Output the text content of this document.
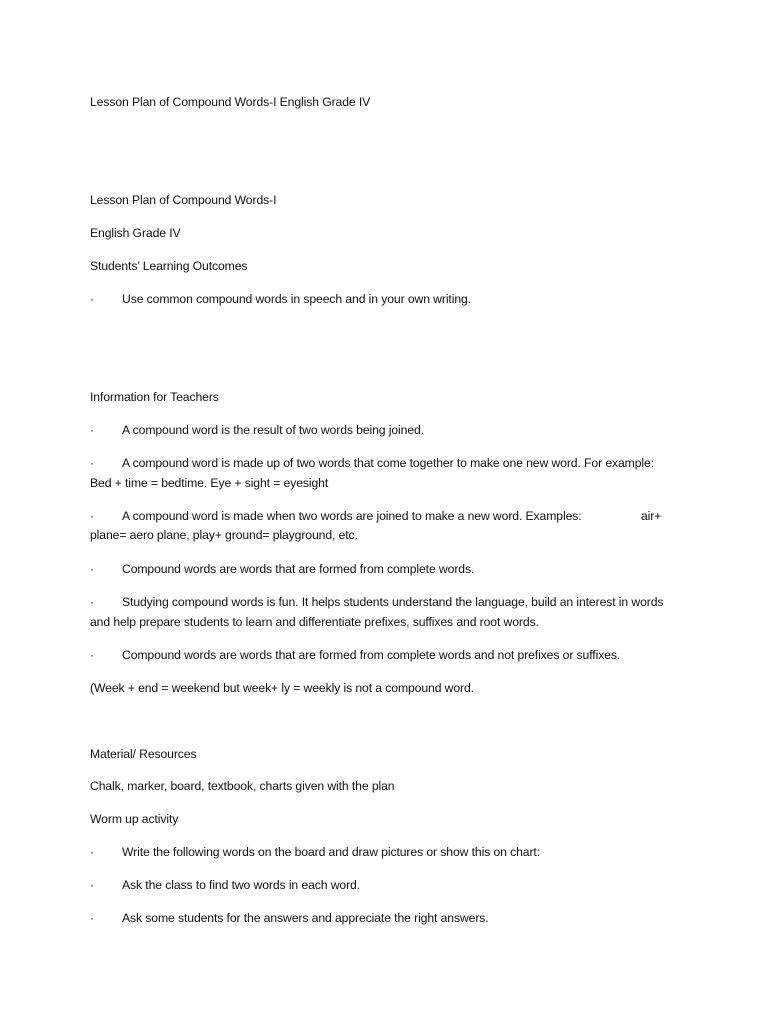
Lesson Plan of Compound Words-I English Grade IV
Lesson Plan of Compound Words-I
English Grade IV
Students’ Learning Outcomes
·	Use common compound words in speech and in your own writing.
Information for Teachers
·	A compound word is the result of two words being joined.
·	A compound word is made up of two words that come together to make one new word. For example: Bed + time = bedtime. Eye + sight = eyesight
·	A compound word is made when two words are joined to make a new word. Examples:	air+
plane= aero plane, play+ ground= playground, etc.
·	Compound words are words that are formed from complete words.
·	Studying compound words is fun. It helps students understand the language, build an interest in words and help prepare students to learn and differentiate prefixes, suffixes and root words.
·	Compound words are words that are formed from complete words and not prefixes or suffixes.
(Week + end = weekend but week+ ly = weekly is not a compound word.
Material/ Resources
Chalk, marker, board, textbook, charts given with the plan
Worm up activity
·	Write the following words on the board and draw pictures or show this on chart:
·	Ask the class to find two words in each word.
·	Ask some students for the answers and appreciate the right answers.
